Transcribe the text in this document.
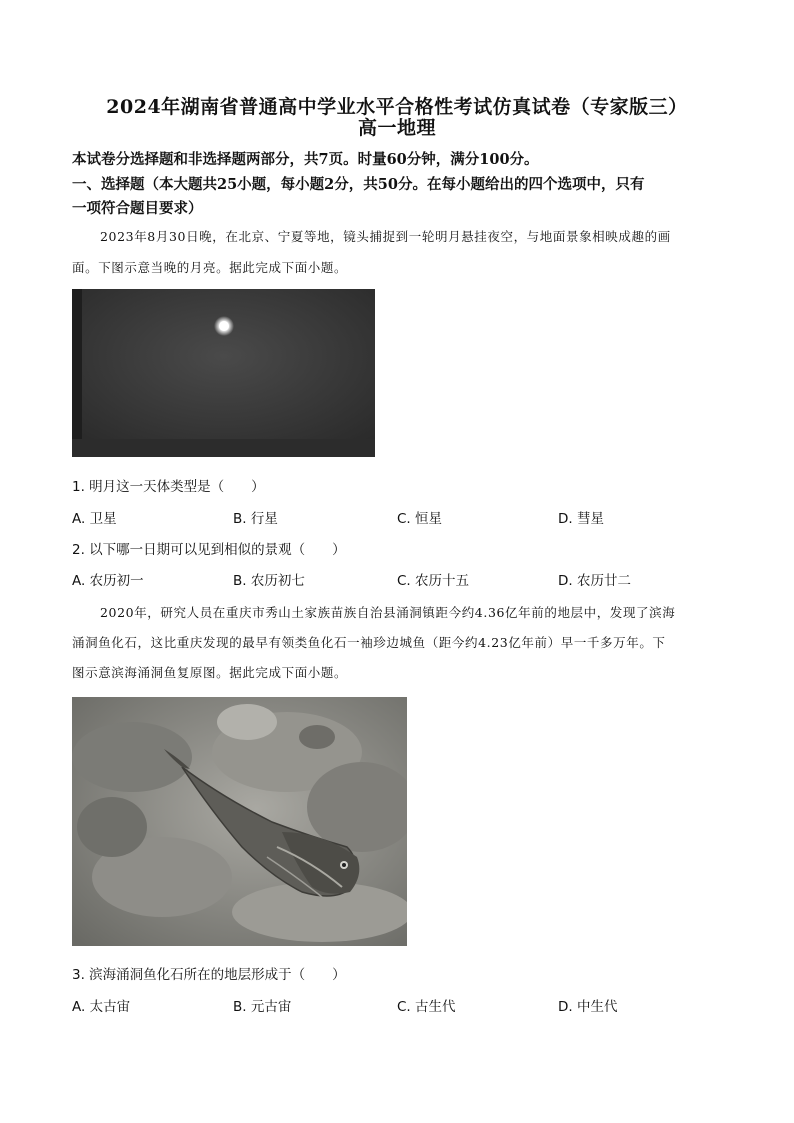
2024年湖南省普通高中学业水平合格性考试仿真试卷（专家版三）
高一地理
本试卷分选择题和非选择题两部分，共7页。时量60分钟，满分100分。
一、选择题（本大题共25小题，每小题2分，共50分。在每小题给出的四个选项中，只有
一项符合题目要求）
2023年8月30日晚，在北京、宁夏等地，镜头捕捉到一轮明月悬挂夜空，与地面景象相映成趣的画
面。下图示意当晚的月亮。据此完成下面小题。
1. 明月这一天体类型是（　　）
A. 卫星	B. 行星	C. 恒星	D. 彗星
2. 以下哪一日期可以见到相似的景观（　　）
A. 农历初一	B. 农历初七	C. 农历十五	D. 农历廿二
2020年，研究人员在重庆市秀山土家族苗族自治县涌洞镇距今约4.36亿年前的地层中，发现了滨海
涌洞鱼化石，这比重庆发现的最早有领类鱼化石一袖珍边城鱼（距今约4.23亿年前）早一千多万年。下
图示意滨海涌洞鱼复原图。据此完成下面小题。
3. 滨海涌洞鱼化石所在的地层形成于（　　）
A. 太古宙	B. 元古宙	C. 古生代	D. 中生代
